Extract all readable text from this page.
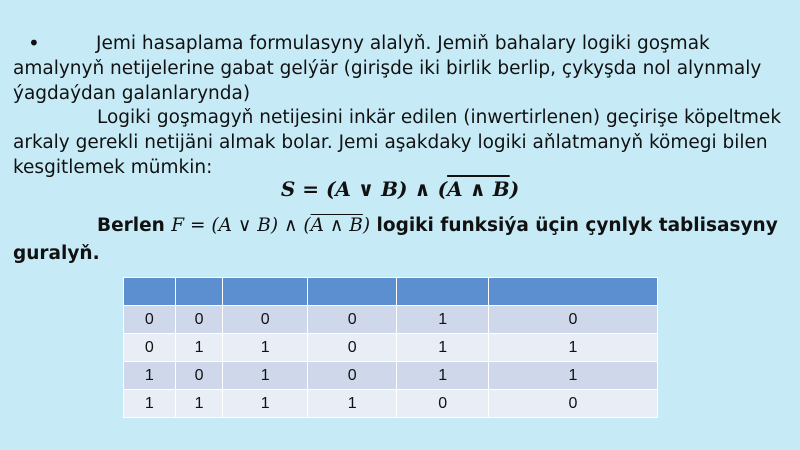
•	Jemi hasaplama formulasyny alalyň. Jemiň bahalary logiki goşmak amalynyň netijelerine gabat gelýär (girişde iki birlik berlip, çykyşda nol alynmaly ýagdaýdan galanlarynda)

Logiki goşmagyň netijesini inkär edilen (inwertirlenen) geçirişe köpeltmek arkaly gerekli netijäni almak bolar. Jemi aşakdaky logiki aňlatmanyň kömegi bilen kesgitlemek mümkin:

S = (A ∨ B) ∧ (A ∧ B)
Berlen F = (A ∨ B) ∧ (A ∧ B) logiki funksiýa üçin çynlyk tablisasyny guralyň.

0	0	0	0	1	0
0	1	1	0	1	1
1	0	1	0	1	1
1	1	1	1	0	0
